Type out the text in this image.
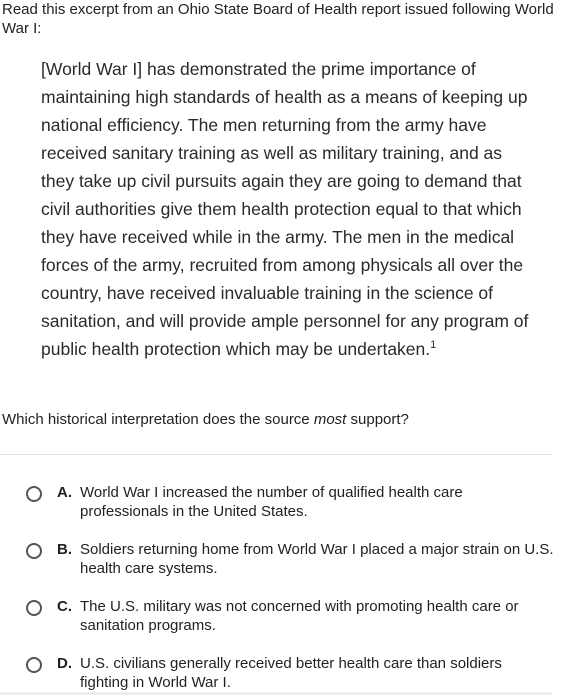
Read this excerpt from an Ohio State Board of Health report issued following World War I:
[World War I] has demonstrated the prime importance of maintaining high standards of health as a means of keeping up national efficiency. The men returning from the army have received sanitary training as well as military training, and as they take up civil pursuits again they are going to demand that civil authorities give them health protection equal to that which they have received while in the army. The men in the medical forces of the army, recruited from among physicals all over the country, have received invaluable training in the science of sanitation, and will provide ample personnel for any program of public health protection which may be undertaken.$^1$
Which historical interpretation does the source most support?
A. World War I increased the number of qualified health care professionals in the United States.
B. Soldiers returning home from World War I placed a major strain on U.S. health care systems.
C. The U.S. military was not concerned with promoting health care or sanitation programs.
D. U.S. civilians generally received better health care than soldiers fighting in World War I.
